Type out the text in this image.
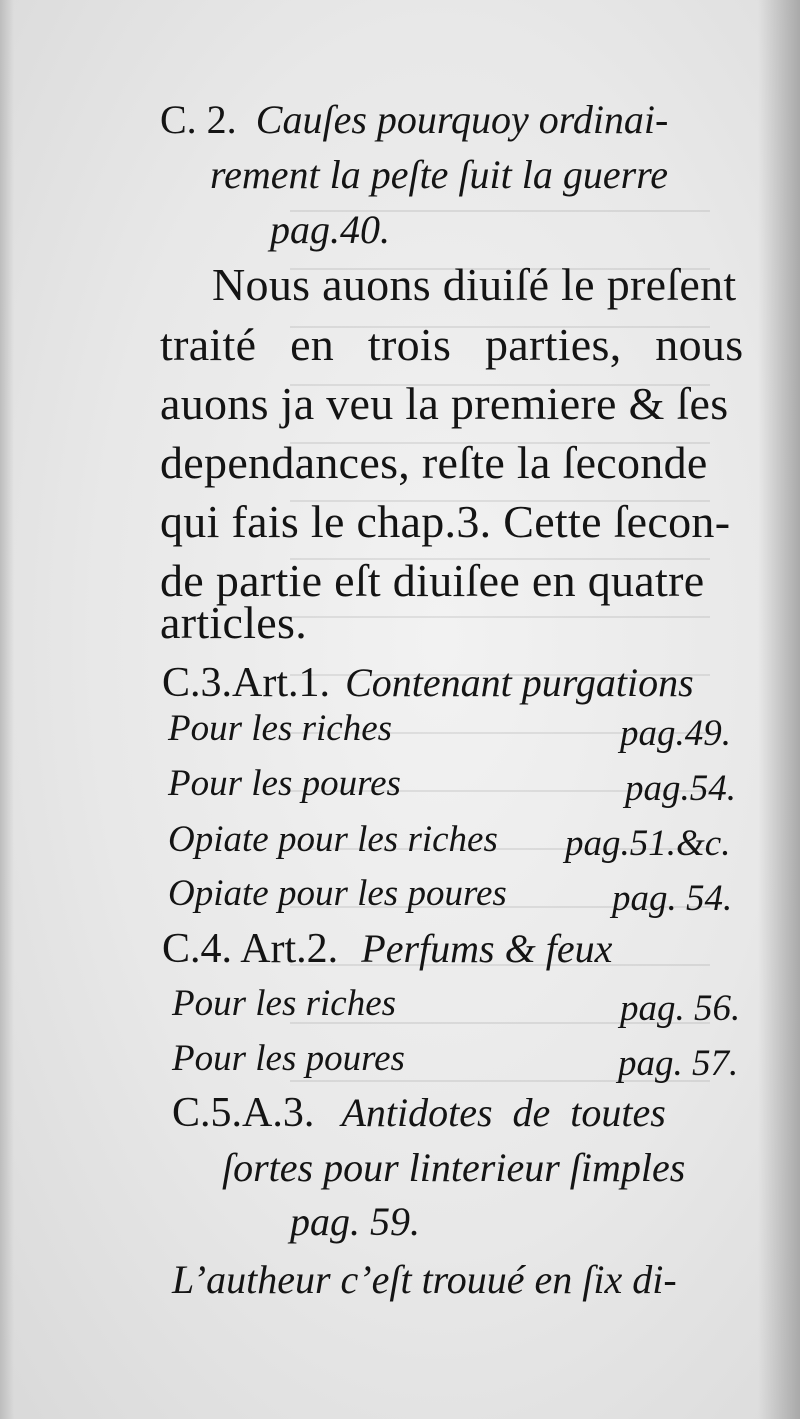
C. 2. Cauſes pourquoy ordinai-
rement la peſte ſuit la guerre
pag.40.
Nous auons diuiſé le preſent
traité en trois parties, nous
auons ja veu la premiere & ſes
dependances, reſte la ſeconde
qui fais le chap.3. Cette ſecon-
de partie eſt diuiſee en quatre
articles.
C.3.Art.1. Contenant purgations
Pour les riches	pag.49.
Pour les poures	pag.54.
Opiate pour les riches pag.51.&c.
Opiate pour les poures	pag. 54.
C.4. Art.2. Perfums & feux
Pour les riches	pag. 56.
Pour les poures	pag. 57.
C.5.A.3. Antidotes de toutes
ſortes pour linterieur ſimples
pag. 59.
L’autheur c’eſt trouué en ſix di-
